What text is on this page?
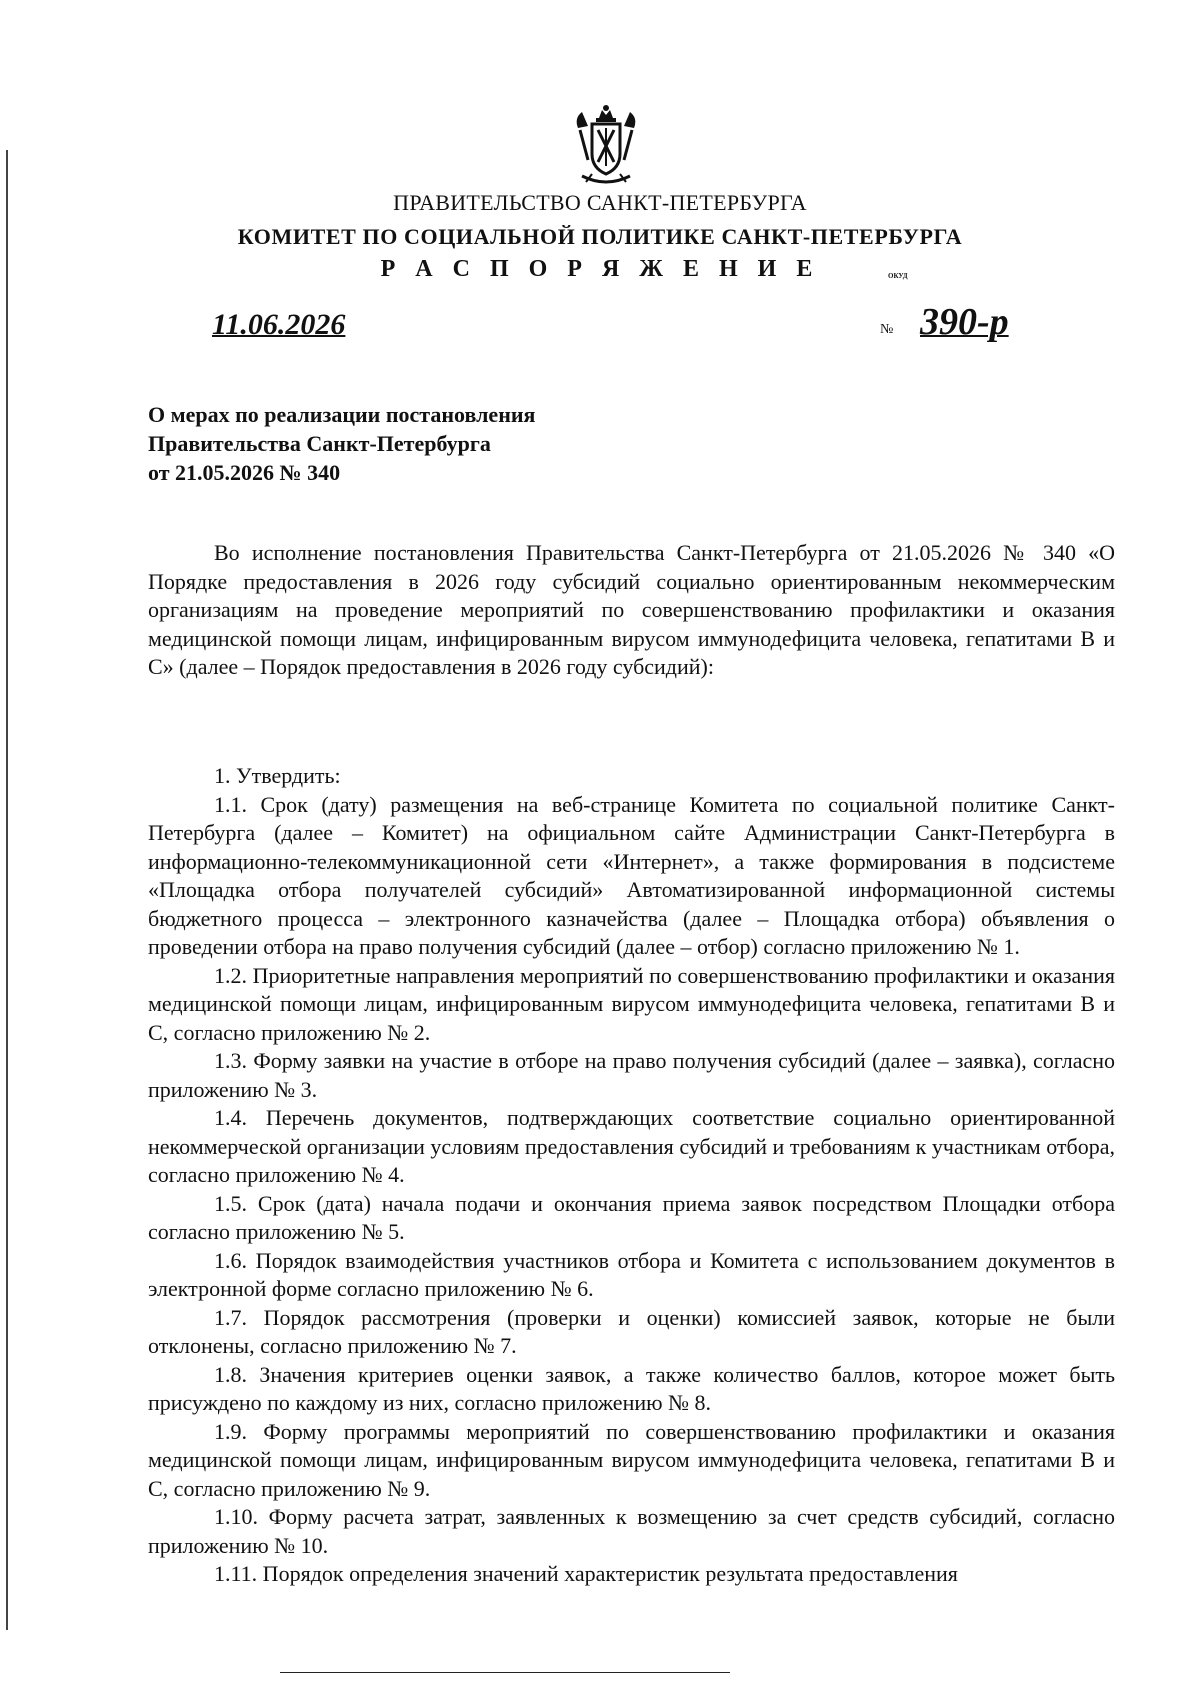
ПРАВИТЕЛЬСТВО САНКТ-ПЕТЕРБУРГА
КОМИТЕТ ПО СОЦИАЛЬНОЙ ПОЛИТИКЕ САНКТ-ПЕТЕРБУРГА
Р А С П О Р Я Ж Е Н И Е	ОКУД
11.06.2026	№ 390-р
О мерах по реализации постановления
Правительства Санкт-Петербурга
от 21.05.2026 № 340

Во исполнение постановления Правительства Санкт-Петербурга от 21.05.2026 № 340 «О Порядке предоставления в 2026 году субсидий социально ориентированным некоммерческим организациям на проведение мероприятий по совершенствованию профилактики и оказания медицинской помощи лицам, инфицированным вирусом иммунодефицита человека, гепатитами В и С» (далее – Порядок предоставления в 2026 году субсидий):

1. Утвердить:

1.1. Срок (дату) размещения на веб-странице Комитета по социальной политике Санкт-Петербурга (далее – Комитет) на официальном сайте Администрации Санкт-Петербурга в информационно-телекоммуникационной сети «Интернет», а также формирования в подсистеме «Площадка отбора получателей субсидий» Автоматизированной информационной системы бюджетного процесса – электронного казначейства (далее – Площадка отбора) объявления о проведении отбора на право получения субсидий (далее – отбор) согласно приложению № 1.

1.2. Приоритетные направления мероприятий по совершенствованию профилактики и оказания медицинской помощи лицам, инфицированным вирусом иммунодефицита человека, гепатитами В и С, согласно приложению № 2.

1.3. Форму заявки на участие в отборе на право получения субсидий (далее – заявка), согласно приложению № 3.

1.4. Перечень документов, подтверждающих соответствие социально ориентированной некоммерческой организации условиям предоставления субсидий и требованиям к участникам отбора, согласно приложению № 4.

1.5. Срок (дата) начала подачи и окончания приема заявок посредством Площадки отбора согласно приложению № 5.

1.6. Порядок взаимодействия участников отбора и Комитета с использованием документов в электронной форме согласно приложению № 6.

1.7. Порядок рассмотрения (проверки и оценки) комиссией заявок, которые не были отклонены, согласно приложению № 7.

1.8. Значения критериев оценки заявок, а также количество баллов, которое может быть присуждено по каждому из них, согласно приложению № 8.

1.9. Форму программы мероприятий по совершенствованию профилактики и оказания медицинской помощи лицам, инфицированным вирусом иммунодефицита человека, гепатитами В и С, согласно приложению № 9.

1.10. Форму расчета затрат, заявленных к возмещению за счет средств субсидий, согласно приложению № 10.

1.11. Порядок определения значений характеристик результата предоставления
